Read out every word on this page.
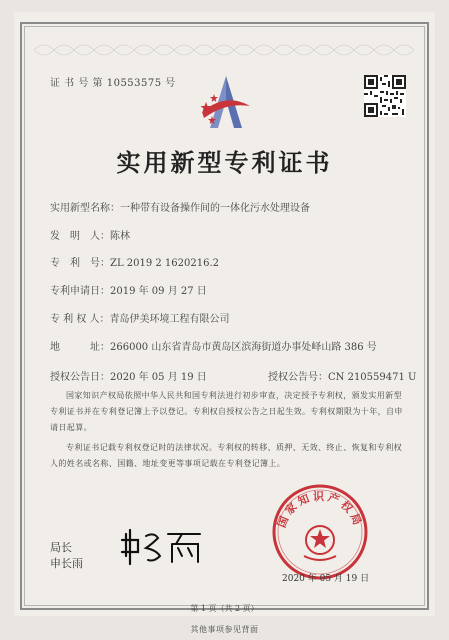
证 书 号 第 10553575 号
实用新型专利证书
实用新型名称：一种带有设备操作间的一体化污水处理设备
发　明　人：陈林
专　利　号：ZL 2019 2 1620216.2
专利申请日：2019 年 09 月 27 日
专 利 权 人：青岛伊美环境工程有限公司
地　　　址：266000 山东省青岛市黄岛区滨海街道办事处峄山路 386 号
授权公告日：2020 年 05 月 19 日	授权公告号：CN 210559471 U
国家知识产权局依照中华人民共和国专利法进行初步审查，决定授予专利权，颁发实用新型专利证书并在专利登记簿上予以登记。专利权自授权公告之日起生效。专利权期限为十年，自申请日起算。
专利证书记载专利权登记时的法律状况。专利权的转移、质押、无效、终止、恢复和专利权人的姓名或名称、国籍、地址变更等事项记载在专利登记簿上。
局长
申长雨
国家知识产权局
2020 年 05 月 19 日
第 1 页（共 2 页）
其他事项参见背面
